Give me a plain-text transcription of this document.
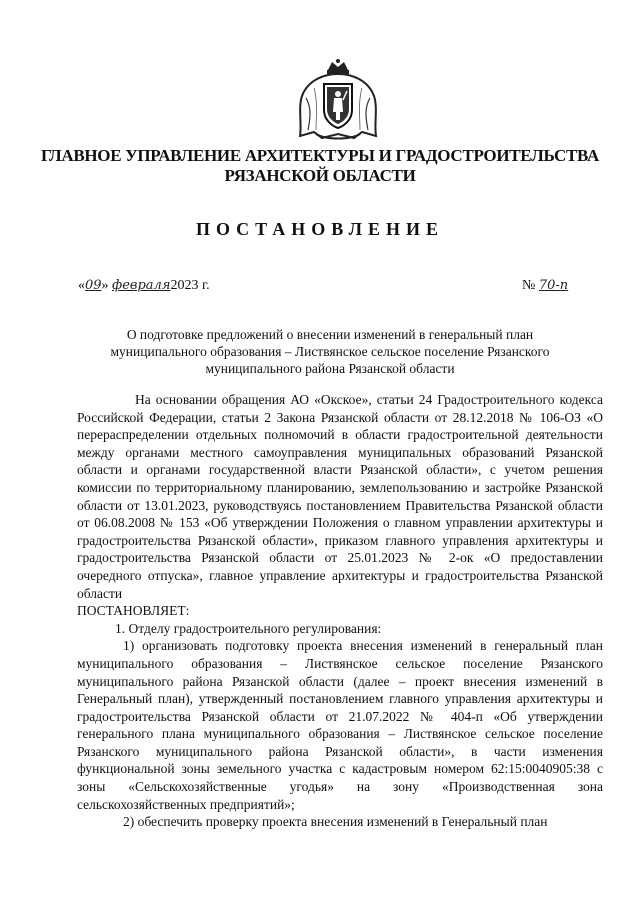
ГЛАВНОЕ УПРАВЛЕНИЕ АРХИТЕКТУРЫ И ГРАДОСТРОИТЕЛЬСТВА
РЯЗАНСКОЙ ОБЛАСТИ
ПОСТАНОВЛЕНИЕ
«09» февраля2023 г.	№ 70-п
О подготовке предложений о внесении изменений в генеральный план
муниципального образования – Листвянское сельское поселение Рязанского
муниципального района Рязанской области

На основании обращения АО «Окское», статьи 24 Градостроительного кодекса Российской Федерации, статьи 2 Закона Рязанской области от 28.12.2018 № 106-ОЗ «О перераспределении отдельных полномочий в области градостроительной деятельности между органами местного самоуправления муниципальных образований Рязанской области и органами государственной власти Рязанской области», с учетом решения комиссии по территориальному планированию, землепользованию и застройке Рязанской области от 13.01.2023, руководствуясь постановлением Правительства Рязанской области от 06.08.2008 № 153 «Об утверждении Положения о главном управлении архитектуры и градостроительства Рязанской области», приказом главного управления архитектуры и градостроительства Рязанской области от 25.01.2023 № 2-ок «О предоставлении очередного отпуска», главное управление архитектуры и градостроительства Рязанской области

ПОСТАНОВЛЯЕТ:

1. Отделу градостроительного регулирования:

1) организовать подготовку проекта внесения изменений в генеральный план муниципального образования – Листвянское сельское поселение Рязанского муниципального района Рязанской области (далее – проект внесения изменений в Генеральный план), утвержденный постановлением главного управления архитектуры и градостроительства Рязанской области от 21.07.2022 № 404-п «Об утверждении генерального плана муниципального образования – Листвянское сельское поселение Рязанского муниципального района Рязанской области», в части изменения функциональной зоны земельного участка с кадастровым номером 62:15:0040905:38 с зоны «Сельскохозяйственные угодья» на зону «Производственная зона сельскохозяйственных предприятий»;

2) обеспечить проверку проекта внесения изменений в Генеральный план
